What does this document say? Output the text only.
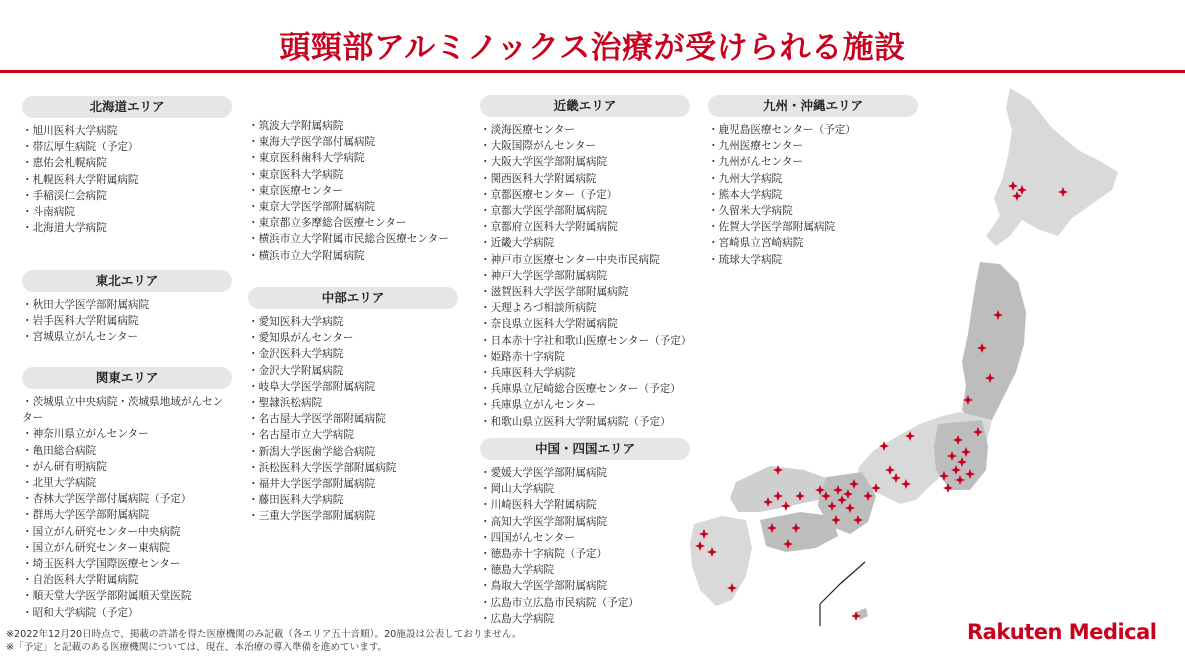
頭頸部アルミノックス治療が受けられる施設
北海道エリア
・旭川医科大学病院
・帯広厚生病院（予定）
・恵佑会札幌病院
・札幌医科大学附属病院
・手稲渓仁会病院
・斗南病院
・北海道大学病院
東北エリア
・秋田大学医学部附属病院
・岩手医科大学附属病院
・宮城県立がんセンター
関東エリア
・茨城県立中央病院・茨城県地域がんセンター
・神奈川県立がんセンター
・亀田総合病院
・がん研有明病院
・北里大学病院
・杏林大学医学部付属病院（予定）
・群馬大学医学部附属病院
・国立がん研究センター中央病院
・国立がん研究センター東病院
・埼玉医科大学国際医療センター
・自治医科大学附属病院
・順天堂大学医学部附属順天堂医院
・昭和大学病院（予定）
・筑波大学附属病院
・東海大学医学部付属病院
・東京医科歯科大学病院
・東京医科大学病院
・東京医療センター
・東京大学医学部附属病院
・東京都立多摩総合医療センター
・横浜市立大学附属市民総合医療センター
・横浜市立大学附属病院
中部エリア
・愛知医科大学病院
・愛知県がんセンター
・金沢医科大学病院
・金沢大学附属病院
・岐阜大学医学部附属病院
・聖隷浜松病院
・名古屋大学医学部附属病院
・名古屋市立大学病院
・新潟大学医歯学総合病院
・浜松医科大学医学部附属病院
・福井大学医学部附属病院
・藤田医科大学病院
・三重大学医学部附属病院
近畿エリア
・淡海医療センター
・大阪国際がんセンター
・大阪大学医学部附属病院
・関西医科大学附属病院
・京都医療センター（予定）
・京都大学医学部附属病院
・京都府立医科大学附属病院
・近畿大学病院
・神戸市立医療センター中央市民病院
・神戸大学医学部附属病院
・滋賀医科大学医学部附属病院
・天理よろづ相談所病院
・奈良県立医科大学附属病院
・日本赤十字社和歌山医療センター（予定）
・姫路赤十字病院
・兵庫医科大学病院
・兵庫県立尼崎総合医療センター（予定）
・兵庫県立がんセンター
・和歌山県立医科大学附属病院（予定）
中国・四国エリア
・愛媛大学医学部附属病院
・岡山大学病院
・川崎医科大学附属病院
・高知大学医学部附属病院
・四国がんセンター
・徳島赤十字病院（予定）
・徳島大学病院
・鳥取大学医学部附属病院
・広島市立広島市民病院（予定）
・広島大学病院
九州・沖縄エリア
・鹿児島医療センター（予定）
・九州医療センター
・九州がんセンター
・九州大学病院
・熊本大学病院
・久留米大学病院
・佐賀大学医学部附属病院
・宮崎県立宮崎病院
・琉球大学病院
※2022年12月20日時点で、掲載の許諾を得た医療機関のみ記載（各エリア五十音順）。20施設は公表しておりません。
※「予定」と記載のある医療機関については、現在、本治療の導入準備を進めています。
Rakuten Medical
